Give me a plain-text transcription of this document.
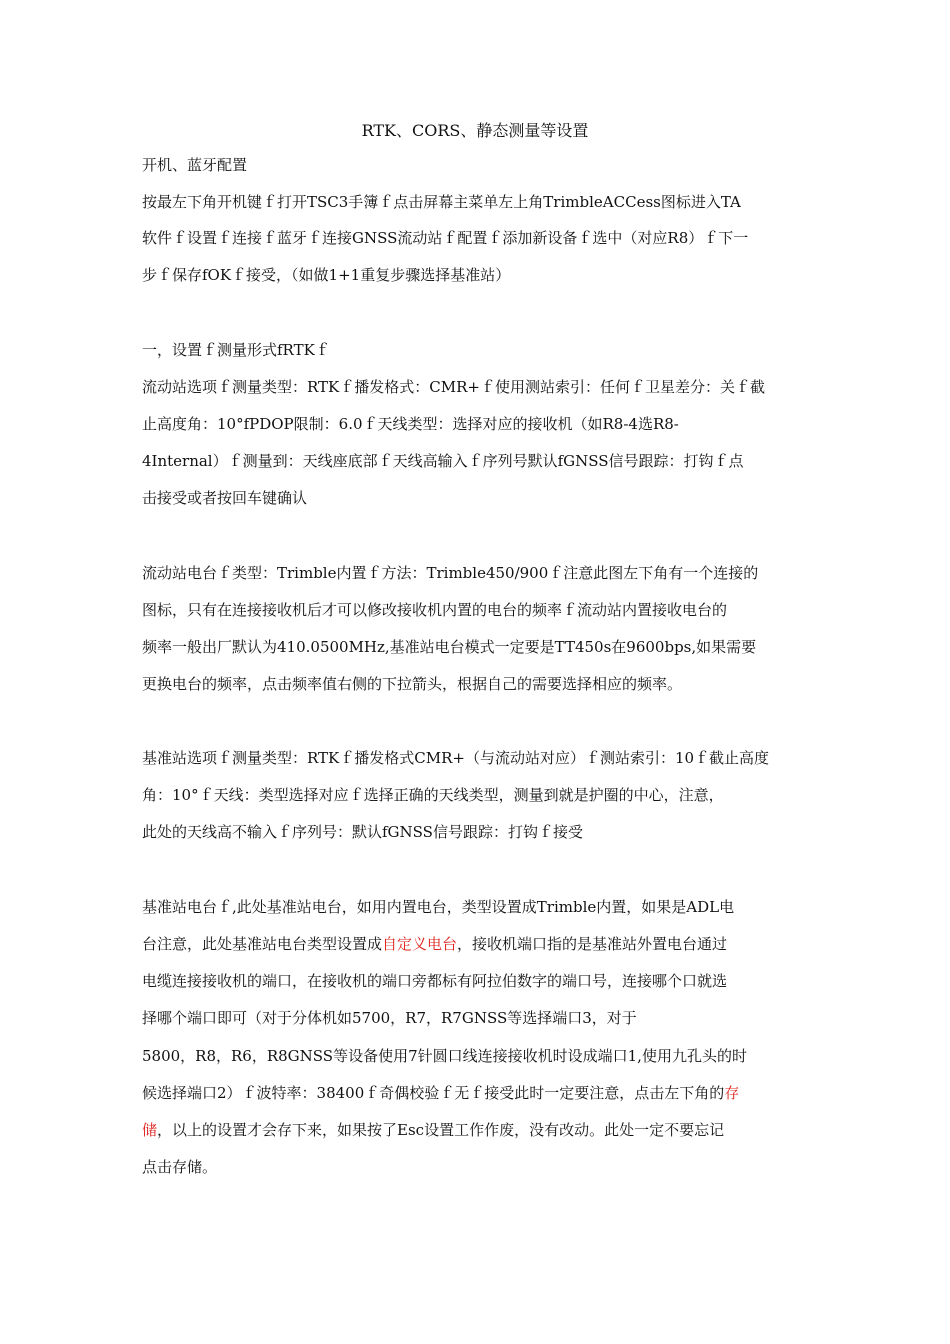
RTK、CORS、静态测量等设置
开机、蓝牙配置
按最左下角开机键ｆ打开TSC3手簿ｆ点击屏幕主菜单左上角TrimbleACCess图标进入TA
软件ｆ设置ｆ连接ｆ蓝牙ｆ连接GNSS流动站ｆ配置ｆ添加新设备ｆ选中（对应R8）ｆ下一
步ｆ保存fOKｆ接受，（如做1+1重复步骤选择基准站）
一，设置ｆ测量形式fRTKｆ
流动站选项ｆ测量类型：RTKｆ播发格式：CMR+ｆ使用测站索引：任何ｆ卫星差分：关ｆ截
止高度角：10°fPDOP限制：6.0ｆ天线类型：选择对应的接收机（如R8-4选R8-
4Internal）ｆ测量到：天线座底部ｆ天线高输入ｆ序列号默认fGNSS信号跟踪：打钩ｆ点
击接受或者按回车键确认
流动站电台ｆ类型：Trimble内置ｆ方法：Trimble450/900ｆ注意此图左下角有一个连接的
图标，只有在连接接收机后才可以修改接收机内置的电台的频率ｆ流动站内置接收电台的
频率一般出厂默认为410.0500MHz,基准站电台模式一定要是TT450s在9600bps,如果需要
更换电台的频率，点击频率值右侧的下拉箭头，根据自己的需要选择相应的频率。
基准站选项ｆ测量类型：RTKｆ播发格式CMR+（与流动站对应）ｆ测站索引：10ｆ截止高度
角：10°ｆ天线：类型选择对应ｆ选择正确的天线类型，测量到就是护圈的中心，注意，
此处的天线高不输入ｆ序列号：默认fGNSS信号跟踪：打钩ｆ接受
基准站电台ｆ,此处基准站电台，如用内置电台，类型设置成Trimble内置，如果是ADL电
台注意，此处基准站电台类型设置成自定义电台，接收机端口指的是基准站外置电台通过
电缆连接接收机的端口，在接收机的端口旁都标有阿拉伯数字的端口号，连接哪个口就选
择哪个端口即可（对于分体机如5700，R7，R7GNSS等选择端口3，对于
5800，R8，R6，R8GNSS等设备使用7针圆口线连接接收机时设成端口1,使用九孔头的时
候选择端口2）ｆ波特率：38400ｆ奇偶校验ｆ无ｆ接受此时一定要注意，点击左下角的存
储，以上的设置才会存下来，如果按了Esc设置工作作废，没有改动。此处一定不要忘记
点击存储。
